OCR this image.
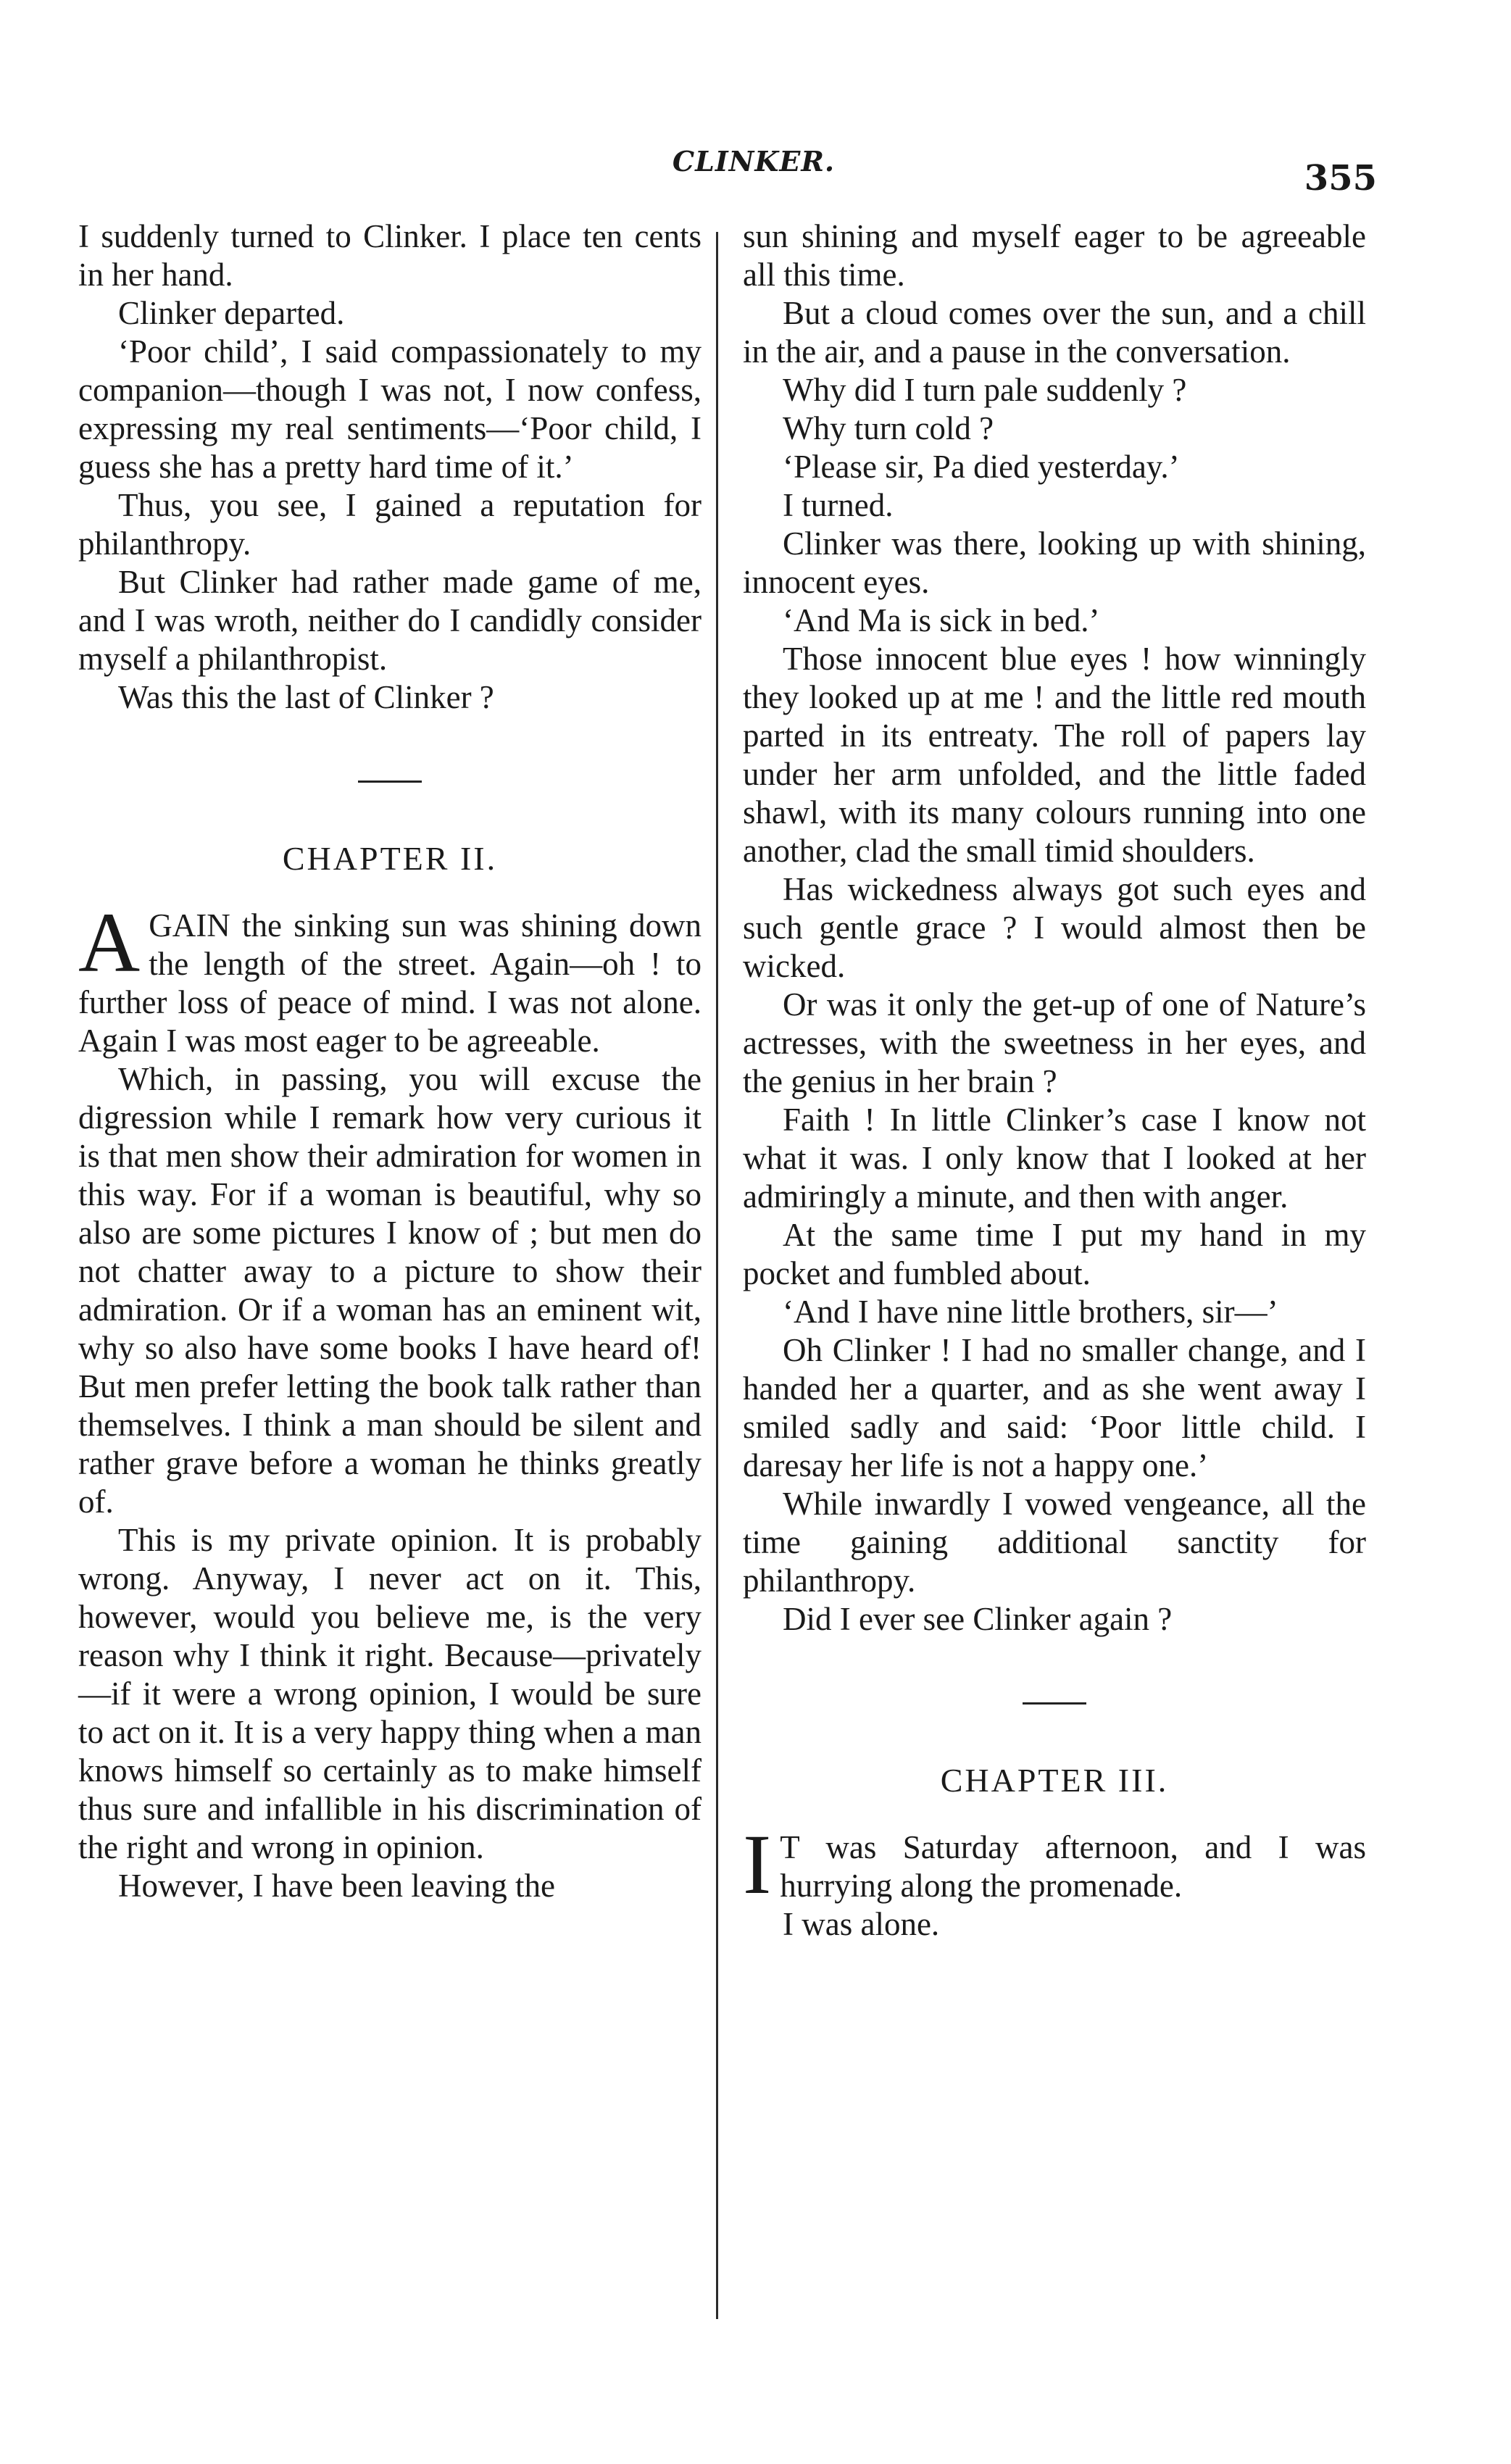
CLINKER.	355

I suddenly turned to Clinker. I place ten cents in her hand.

Clinker departed.

‘Poor child’, I said compassionately to my companion—though I was not, I now confess, expressing my real sentiments—‘Poor child, I guess she has a pretty hard time of it.’

Thus, you see, I gained a reputation for philanthropy.

But Clinker had rather made game of me, and I was wroth, neither do I candidly consider myself a philanthropist.

Was this the last of Clinker ?

CHAPTER II.

A GAIN the sinking sun was shining down the length of the street. Again—oh ! to further loss of peace of mind. I was not alone. Again I was most eager to be agreeable.

Which, in passing, you will excuse the digression while I remark how very curious it is that men show their admiration for women in this way. For if a woman is beautiful, why so also are some pictures I know of ; but men do not chatter away to a picture to show their admiration. Or if a woman has an eminent wit, why so also have some books I have heard of! But men prefer letting the book talk rather than themselves. I think a man should be silent and rather grave before a woman he thinks greatly of.

This is my private opinion. It is probably wrong. Anyway, I never act on it. This, however, would you believe me, is the very reason why I think it right. Because—privately—if it were a wrong opinion, I would be sure to act on it. It is a very happy thing when a man knows himself so certainly as to make himself thus sure and infallible in his discrimination of the right and wrong in opinion.

However, I have been leaving the

sun shining and myself eager to be agreeable all this time.

But a cloud comes over the sun, and a chill in the air, and a pause in the conversation.

Why did I turn pale suddenly ?

Why turn cold ?

‘Please sir, Pa died yesterday.’

I turned.

Clinker was there, looking up with shining, innocent eyes.

‘And Ma is sick in bed.’

Those innocent blue eyes ! how winningly they looked up at me ! and the little red mouth parted in its entreaty. The roll of papers lay under her arm unfolded, and the little faded shawl, with its many colours running into one another, clad the small timid shoulders.

Has wickedness always got such eyes and such gentle grace ? I would almost then be wicked.

Or was it only the get-up of one of Nature’s actresses, with the sweetness in her eyes, and the genius in her brain ?

Faith ! In little Clinker’s case I know not what it was. I only know that I looked at her admiringly a minute, and then with anger.

At the same time I put my hand in my pocket and fumbled about.

‘And I have nine little brothers, sir—’

Oh Clinker ! I had no smaller change, and I handed her a quarter, and as she went away I smiled sadly and said: ‘Poor little child. I daresay her life is not a happy one.’

While inwardly I vowed vengeance, all the time gaining additional sanctity for philanthropy.

Did I ever see Clinker again ?

CHAPTER III.

I T was Saturday afternoon, and I was hurrying along the promenade.

I was alone.
